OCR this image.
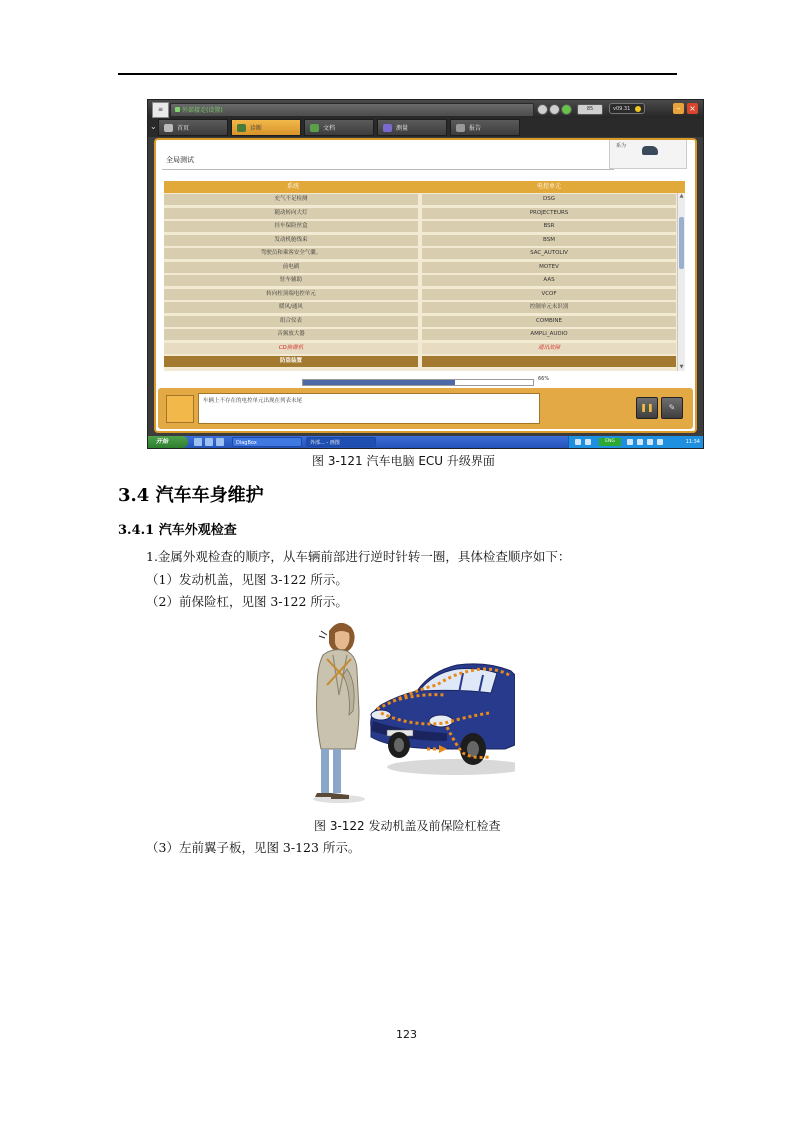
≡	外部接走(设置)	85	v09.31	–	×
⌄	首页	诊断	文档	测量	报告
全局测试
系为
系统	电控单元
充气不足检测	DSG
随动转向大灯	PROJECTEURS
挂车保险丝盒	BSR
发动机舱线束	BSM
驾驶员和乘客安全气囊。	SAC_AUTOLIV
前电刷	MOTEV
驻车辅助	AAS
转向柱顶端电控单元	VCOF
暖风/通风	控制单元未识别
组合仪表	COMBINE
音频放大器	AMPLI_AUDIO
CD换碟机	通讯故障
防盗装置
▲
▼
66%
车辆上不存在的电控单元出现在列表末尾
❚❚	✎
开始	DiagBox	外部... - 画图	ENG	11:34
图 3-121 汽车电脑 ECU 升级界面
3.4 汽车车身维护
3.4.1 汽车外观检查
1.金属外观检查的顺序，从车辆前部进行逆时针转一圈，具体检查顺序如下：
（1）发动机盖，见图 3-122 所示。
（2）前保险杠，见图 3-122 所示。
图 3-122 发动机盖及前保险杠检查
（3）左前翼子板，见图 3-123 所示。
123
